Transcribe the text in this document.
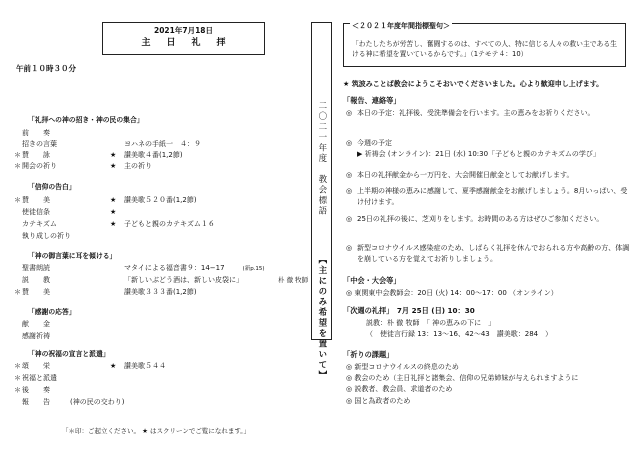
2021年7月18日
主日礼拝
午前１０時３０分
「礼拝への神の招き・神の民の集合」
前　　奏
招きの言葉	ヨハネの手紙一　４：９
＊ 賛　　詠	★ 讃美歌４番(1,2節)
＊ 開会の祈り	★ 主の祈り
「信仰の告白」
＊ 賛　　美	★ 讃美歌５２０番(1,2節)
使徒信条	★
カテキズム	★ 子どもと親のカテキズム１６
執り成しの祈り
「神の御言葉に耳を傾ける」
聖書朗読	マタイによる福音書９：14−17	(新p.15)
説　　教	「新しいぶどう酒は、新しい皮袋に」	朴 徹 牧師
＊ 賛　　美	讃美歌３３３番(1,2節)
「感謝の応答」
献　　金
感謝祈祷
「神の祝福の宣言と派遣」
＊ 頌　　栄	★ 讃美歌５４４
＊ 祝福と派遣
＊ 後　　奏
報　　告	(神の民の交わり)
「＊印：ご起立ください。 ★ はスクリーンでご覧になれます。」
二〇二一年度　教会標語
【主にのみ希望を置いて】
＜２０２１年度年間指標聖句＞
「わたしたちが労苦し、奮闘するのは、すべての人、特に信じる人々の救い主である生ける神に希望を置いているからです。」（1テモテ４：10）
★ 筑波みことば教会にようこそおいでくださいました。心より歓迎申し上げます。
「報告、連絡等」
◎ 本日の予定：礼拝後、受洗準備会を行います。主の恵みをお祈りください。
◎ 今週の予定
▶ 祈祷会 (オンライン)：21日 (水) 10:30「子どもと親のカテキズムの学び」
◎ 本日の礼拝献金から一万円を、大会開催日献金としてお献げします。
◎ 上半期の神様の恵みに感謝して、夏季感謝献金をお献げしましょう。8月いっぱい、受け付けます。
◎ 25日の礼拝の後に、芝刈りをします。お時間のある方はぜひご参加ください。
◎ 新型コロナウイルス感染症のため、しばらく礼拝を休んでおられる方や高齢の方、体調を崩している方を覚えてお祈りしましょう。
「中会・大会等」
◎ 東関東中会教師会：20日 (火) 14：00〜17：00 （オンライン）
「次週の礼拝」　7月 25日 (日) 10：30
説教：朴 徹 牧師　「 神の恵みの下に　」
（　使徒言行録 13：13〜16、42〜43　讃美歌：284　）
「祈りの課題」
◎ 新型コロナウイルスの終息のため
◎ 教会のため（主日礼拝と諸集会、信仰の兄弟姉妹が与えられますように
◎ 説教者、教会員、求道者のため
◎ 国と為政者のため
